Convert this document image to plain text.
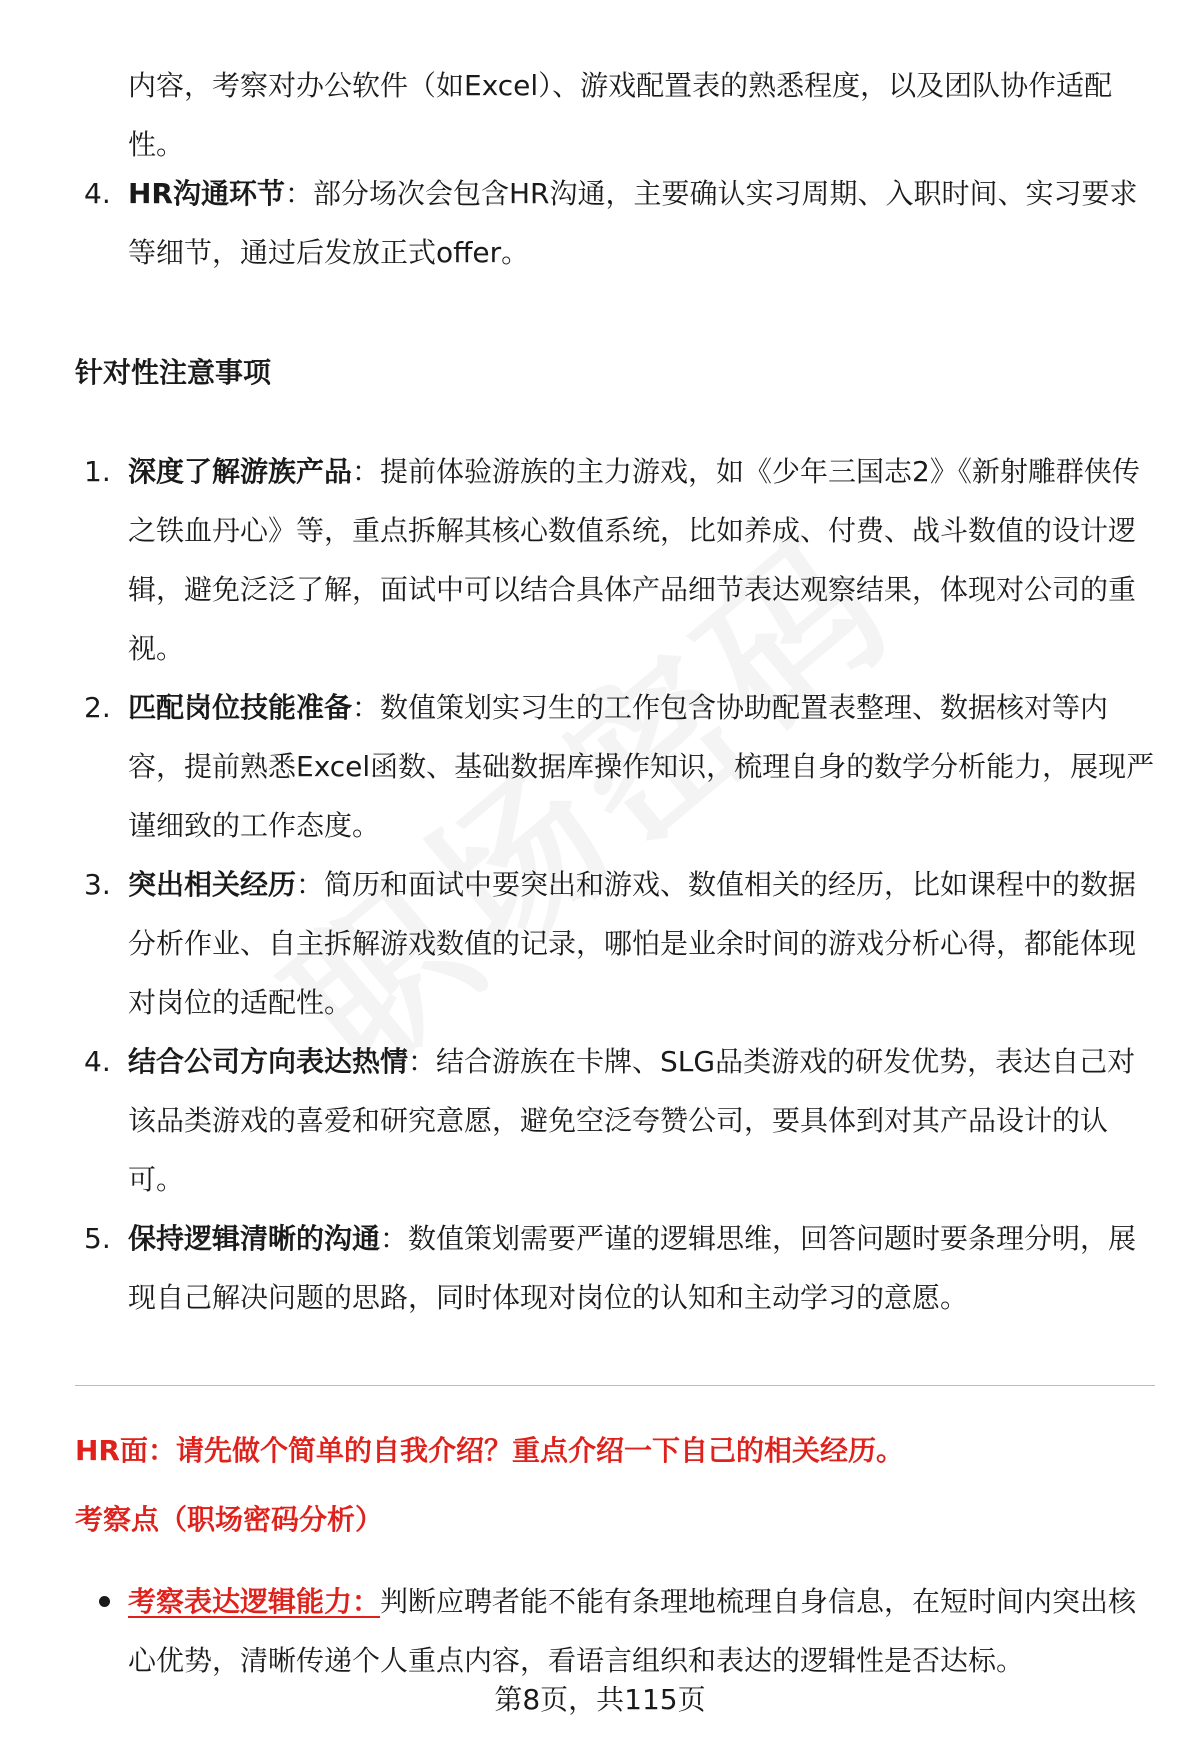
内容，考察对办公软件（如Excel）、游戏配置表的熟悉程度，以及团队协作适配性。
4. HR沟通环节：部分场次会包含HR沟通，主要确认实习周期、入职时间、实习要求等细节，通过后发放正式offer。
针对性注意事项
1. 深度了解游族产品：提前体验游族的主力游戏，如《少年三国志2》《新射雕群侠传之铁血丹心》等，重点拆解其核心数值系统，比如养成、付费、战斗数值的设计逻辑，避免泛泛了解，面试中可以结合具体产品细节表达观察结果，体现对公司的重视。
2. 匹配岗位技能准备：数值策划实习生的工作包含协助配置表整理、数据核对等内容，提前熟悉Excel函数、基础数据库操作知识，梳理自身的数学分析能力，展现严谨细致的工作态度。
3. 突出相关经历：简历和面试中要突出和游戏、数值相关的经历，比如课程中的数据分析作业、自主拆解游戏数值的记录，哪怕是业余时间的游戏分析心得，都能体现对岗位的适配性。
4. 结合公司方向表达热情：结合游族在卡牌、SLG品类游戏的研发优势，表达自己对该品类游戏的喜爱和研究意愿，避免空泛夸赞公司，要具体到对其产品设计的认可。
5. 保持逻辑清晰的沟通：数值策划需要严谨的逻辑思维，回答问题时要条理分明，展现自己解决问题的思路，同时体现对岗位的认知和主动学习的意愿。
HR面：请先做个简单的自我介绍？重点介绍一下自己的相关经历。
考察点（职场密码分析）
考察表达逻辑能力：判断应聘者能不能有条理地梳理自身信息，在短时间内突出核心优势，清晰传递个人重点内容，看语言组织和表达的逻辑性是否达标。
第8页，共115页
